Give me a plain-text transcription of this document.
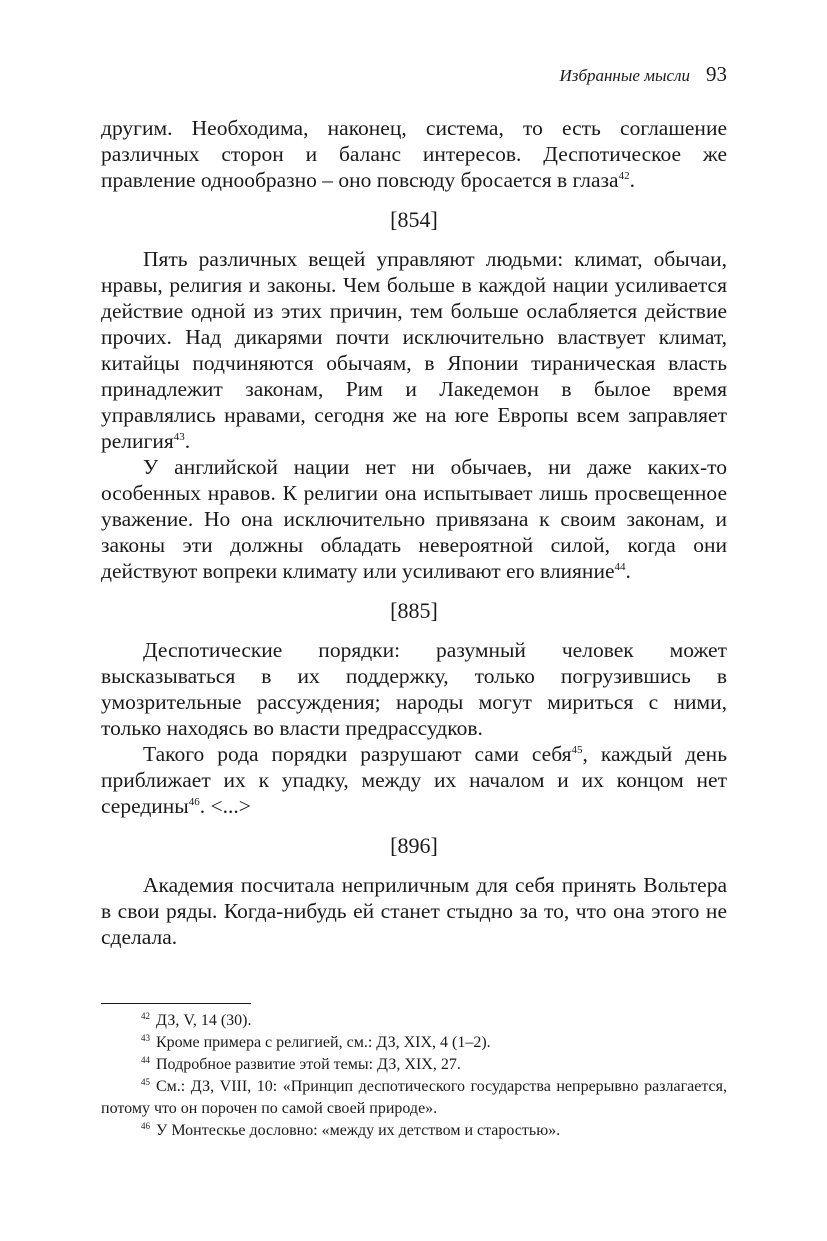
Избранные мысли 93

другим. Необходима, наконец, система, то есть соглашение различных сторон и баланс интересов. Деспотическое же правление однообразно – оно повсюду бросается в глаза$^{42}$.

[854]

Пять различных вещей управляют людьми: климат, обычаи, нравы, религия и законы. Чем больше в каждой нации усиливается действие одной из этих причин, тем больше ослабляется действие прочих. Над дикарями почти исключительно властвует климат, китайцы подчиняются обычаям, в Японии тираническая власть принадлежит законам, Рим и Лакедемон в былое время управлялись нравами, сегодня же на юге Европы всем заправляет религия$^{43}$.

У английской нации нет ни обычаев, ни даже каких-то особенных нравов. К религии она испытывает лишь просвещенное уважение. Но она исключительно привязана к своим законам, и законы эти должны обладать невероятной силой, когда они действуют вопреки климату или усиливают его влияние$^{44}$.

[885]

Деспотические порядки: разумный человек может высказываться в их поддержку, только погрузившись в умозрительные рассуждения; народы могут мириться с ними, только находясь во власти предрассудков.

Такого рода порядки разрушают сами себя$^{45}$, каждый день приближает их к упадку, между их началом и их концом нет середины$^{46}$. <...>

[896]

Академия посчитала неприличным для себя принять Вольтера в свои ряды. Когда-нибудь ей станет стыдно за то, что она этого не сделала.

$^{42}$ ДЗ, V, 14 (30).

$^{43}$ Кроме примера с религией, см.: ДЗ, XIX, 4 (1–2).

$^{44}$ Подробное развитие этой темы: ДЗ, XIX, 27.

$^{45}$ См.: ДЗ, VIII, 10: «Принцип деспотического государства непрерывно разлагается, потому что он порочен по самой своей природе».

$^{46}$ У Монтескье дословно: «между их детством и старостью».
